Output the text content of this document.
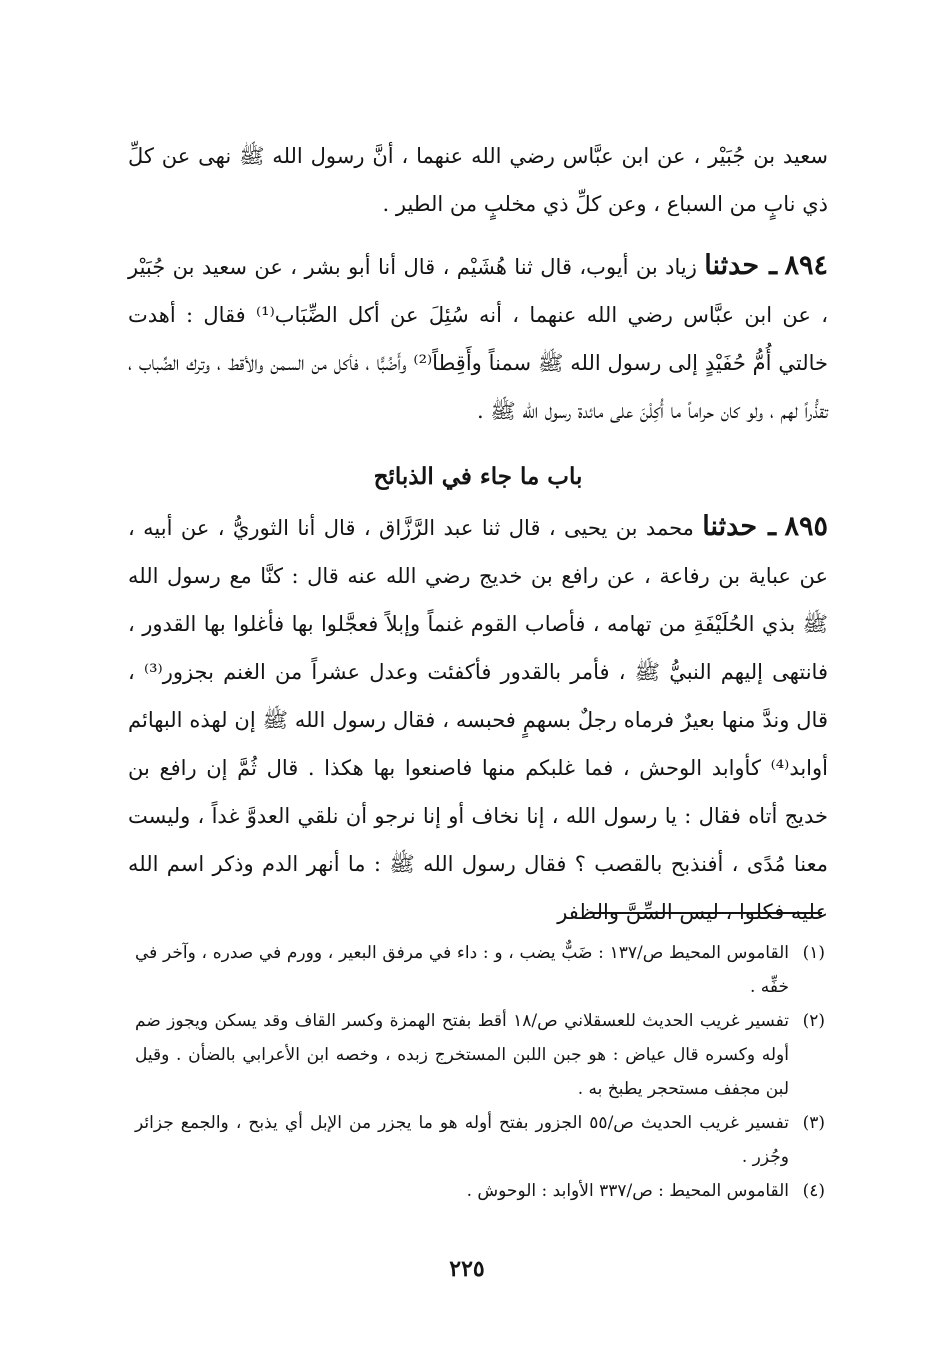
سعيد بن جُبَيْر ، عن ابن عبَّاس رضي الله عنهما ، أنَّ رسول الله ﷺ نهى عن كلِّ ذي نابٍ من السباع ، وعن كلِّ ذي مخلبٍ من الطير .

٨٩٤ ـ حدثنا زياد بن أيوب، قال ثنا هُشَيْم ، قال أنا أبو بشر ، عن سعيد بن جُبَيْر ، عن ابن عبَّاس رضي الله عنهما ، أنه سُئِلَ عن أكل الضِّبَاب⁽¹⁾ فقال : أهدت خالتي أُمُّ حُفَيْدٍ إلى رسول الله ﷺ سمناً وأَقِطاً⁽²⁾ وأَضُبًّا ، فأكل من السمن والأقط ، وترك الضِّباب ، تقذُّراً لهم ، ولو كان حراماً ما أُكِلْنَ على مائدة رسول الله ﷺ .

باب ما جاء في الذبائح

٨٩٥ ـ حدثنا محمد بن يحيى ، قال ثنا عبد الرَّزَّاق ، قال أنا الثوريُّ ، عن أبيه ، عن عباية بن رفاعة ، عن رافع بن خديج رضي الله عنه قال : كنَّا مع رسول الله ﷺ بذي الحُلَيْفَةِ من تهامه ، فأصاب القوم غنماً وإبلاً فعجَّلوا بها فأغلوا بها القدور ، فانتهى إليهم النبيُّ ﷺ ، فأمر بالقدور فأكفئت وعدل عشراً من الغنم بجزور⁽³⁾ ، قال وندَّ منها بعيرٌ فرماه رجلٌ بسهمٍ فحبسه ، فقال رسول الله ﷺ إن لهذه البهائم أوابد⁽⁴⁾ كأوابد الوحش ، فما غلبكم منها فاصنعوا بها هكذا . قال ثُمَّ إن رافع بن خديج أتاه فقال : يا رسول الله ، إنا نخاف أو إنا نرجو أن نلقي العدوَّ غداً ، وليست معنا مُدًى ، أفنذبح بالقصب ؟ فقال رسول الله ﷺ : ما أنهر الدم وذكر اسم الله عليه فكلوا ، ليس السِّنَّ والظفر

(١)القاموس المحيط ص/١٣٧ : ضَبٌّ يضب ، و : داء في مرفق البعير ، وورم في صدره ، وآخر في خفِّه .

(٢)تفسير غريب الحديث للعسقلاني ص/١٨ أقط بفتح الهمزة وكسر القاف وقد يسكن ويجوز ضم أوله وكسره قال عياض : هو جبن اللبن المستخرج زبده ، وخصه ابن الأعرابي بالضأن . وقيل لبن مجفف مستحجر يطبخ به .

(٣)تفسير غريب الحديث ص/٥٥ الجزور بفتح أوله هو ما يجزر من الإبل أي يذبح ، والجمع جزائر وجُزر .

(٤)القاموس المحيط : ص/٣٣٧ الأوابد : الوحوش .

٢٢٥
